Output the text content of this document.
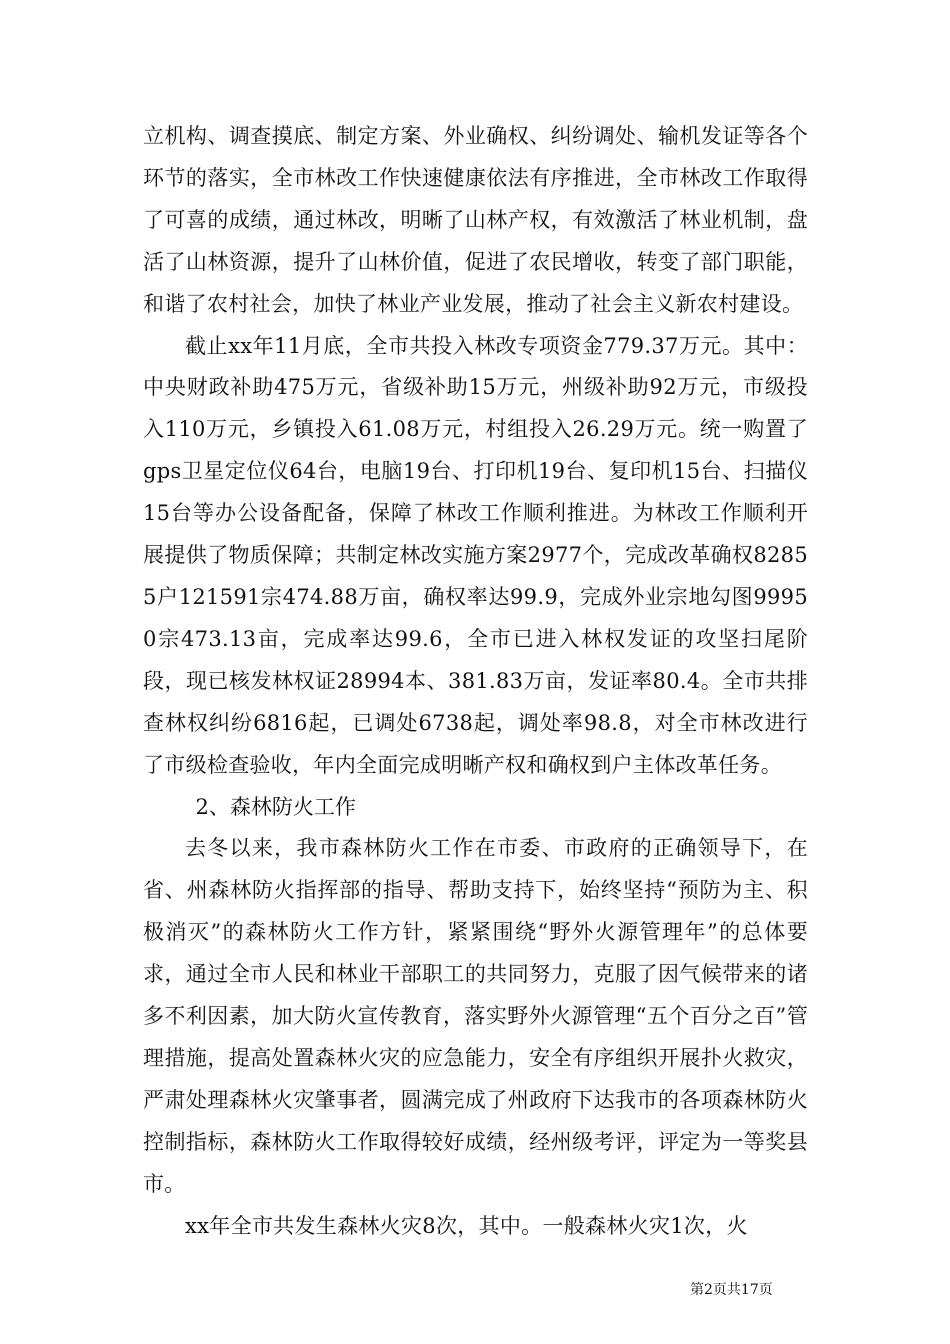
立机构、调查摸底、制定方案、外业确权、纠纷调处、输机发证等各个环节的落实，全市林改工作快速健康依法有序推进，全市林改工作取得了可喜的成绩，通过林改，明晰了山林产权，有效激活了林业机制，盘活了山林资源，提升了山林价值，促进了农民增收，转变了部门职能，和谐了农村社会，加快了林业产业发展，推动了社会主义新农村建设。

截止xx年11月底，全市共投入林改专项资金779.37万元。其中：中央财政补助475万元，省级补助15万元，州级补助92万元，市级投入110万元，乡镇投入61.08万元，村组投入26.29万元。统一购置了gps卫星定位仪64台，电脑19台、打印机19台、复印机15台、扫描仪15台等办公设备配备，保障了林改工作顺利推进。为林改工作顺利开展提供了物质保障；共制定林改实施方案2977个，完成改革确权82855户121591宗474.88万亩，确权率达99.9，完成外业宗地勾图99950宗473.13亩，完成率达99.6，全市已进入林权发证的攻坚扫尾阶段，现已核发林权证28994本、381.83万亩，发证率80.4。全市共排查林权纠纷6816起，已调处6738起，调处率98.8，对全市林改进行了市级检查验收，年内全面完成明晰产权和确权到户主体改革任务。

2、森林防火工作

去冬以来，我市森林防火工作在市委、市政府的正确领导下，在省、州森林防火指挥部的指导、帮助支持下，始终坚持“预防为主、积极消灭”的森林防火工作方针，紧紧围绕“野外火源管理年”的总体要求，通过全市人民和林业干部职工的共同努力，克服了因气候带来的诸多不利因素，加大防火宣传教育，落实野外火源管理“五个百分之百”管理措施，提高处置森林火灾的应急能力，安全有序组织开展扑火救灾，严肃处理森林火灾肇事者，圆满完成了州政府下达我市的各项森林防火控制指标，森林防火工作取得较好成绩，经州级考评，评定为一等奖县市。

xx年全市共发生森林火灾8次，其中。一般森林火灾1次，火

第2页共17页
